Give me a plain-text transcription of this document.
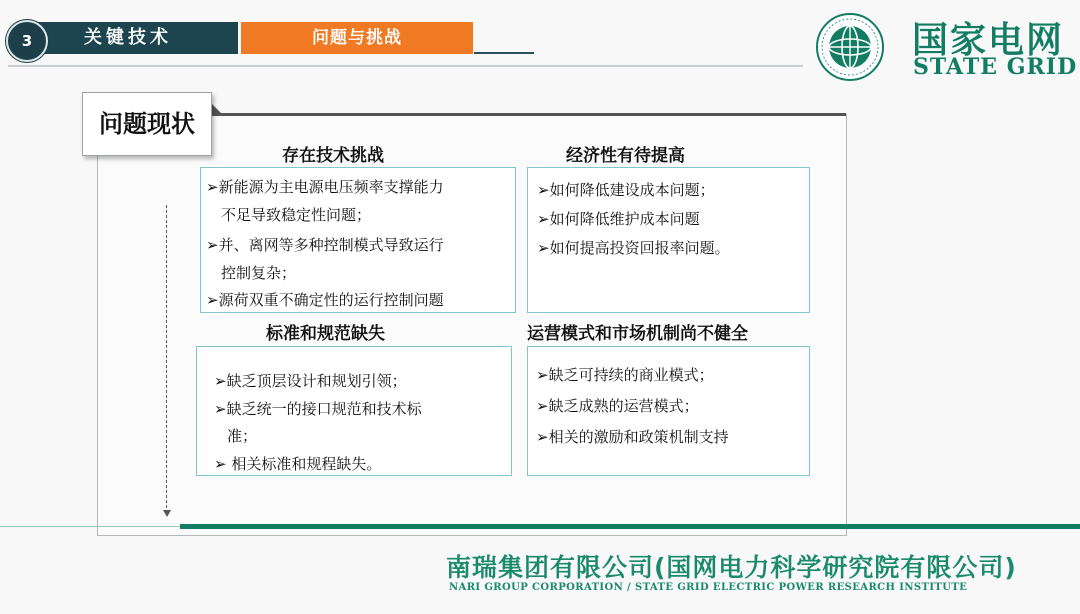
3	关键技术	问题与挑战	国家电网
STATE GRID
问题现状
存在技术挑战
➢新能源为主电源电压频率支撑能力
不足导致稳定性问题；
➢并、离网等多种控制模式导致运行
控制复杂；
➢源荷双重不确定性的运行控制问题
经济性有待提高
➢如何降低建设成本问题；
➢如何降低维护成本问题
➢如何提高投资回报率问题。
标准和规范缺失
➢缺乏顶层设计和规划引领；
➢缺乏统一的接口规范和技术标
准；
➢ 相关标准和规程缺失。
运营模式和市场机制尚不健全
➢缺乏可持续的商业模式；
➢缺乏成熟的运营模式；
➢相关的激励和政策机制支持
南瑞集团有限公司(国网电力科学研究院有限公司)
NARI GROUP CORPORATION / STATE GRID ELECTRIC POWER RESEARCH INSTITUTE
